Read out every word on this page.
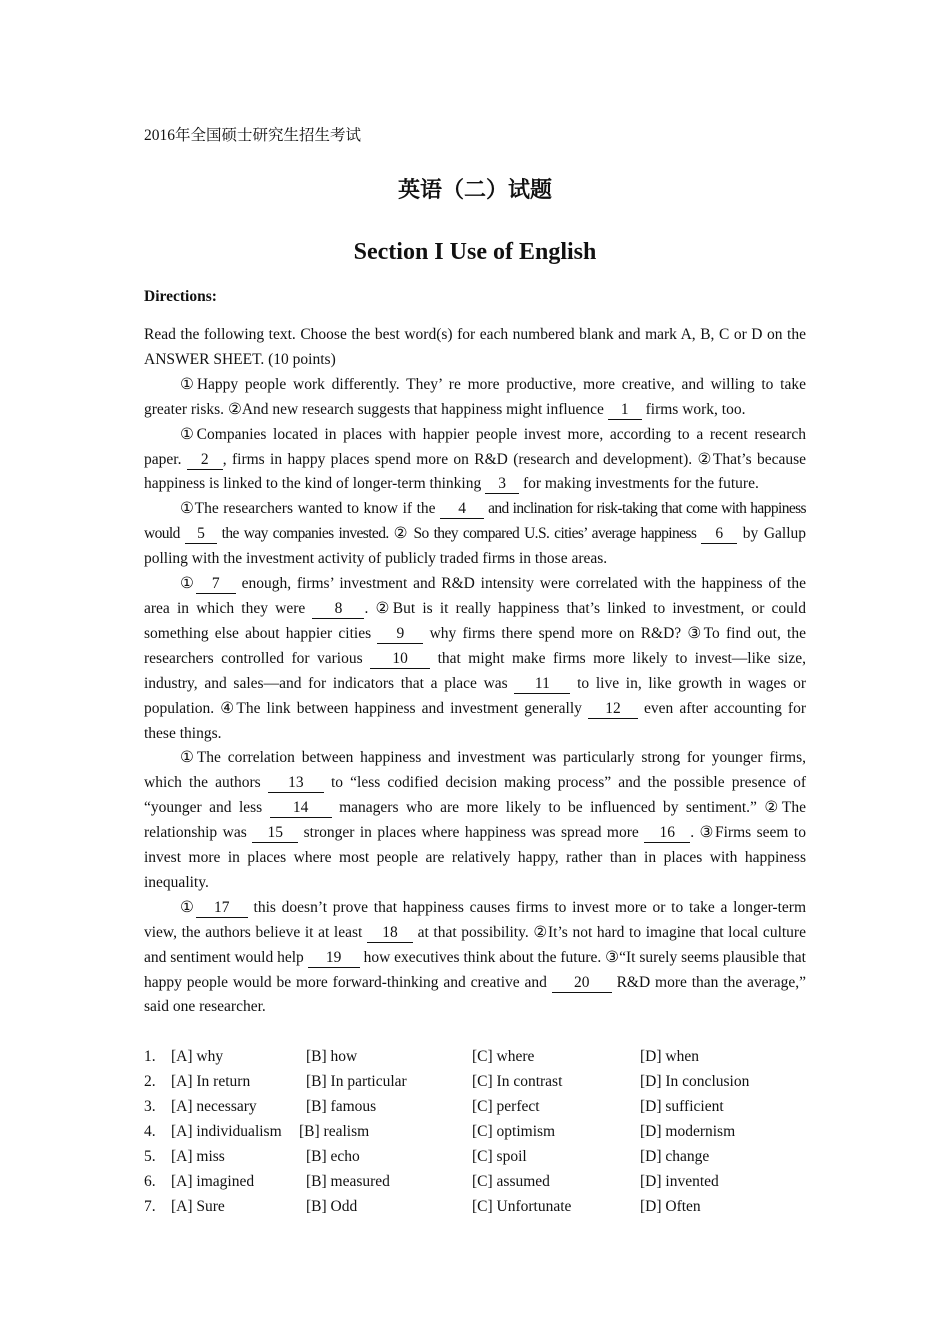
2016年全国硕士研究生招生考试

英语（二）试题
Section I Use of English

Directions:

Read the following text. Choose the best word(s) for each numbered blank and mark A, B, C or D on the ANSWER SHEET. (10 points)

①Happy people work differently. They’ re more productive, more creative, and willing to take greater risks. ②And new research suggests that happiness might influence 1 firms work, too.

①Companies located in places with happier people invest more, according to a recent research paper. 2 , firms in happy places spend more on R&D (research and development). ②That’s because happiness is linked to the kind of longer-term thinking 3 for making investments for the future.

①The researchers wanted to know if the 4 and inclination for risk-taking that come with happiness would 5 the way companies invested. ② So they compared U.S. cities’ average happiness 6 by Gallup polling with the investment activity of publicly traded firms in those areas.

① 7 enough, firms’ investment and R&D intensity were correlated with the happiness of the area in which they were 8 . ②But is it really happiness that’s linked to investment, or could something else about happier cities 9 why firms there spend more on R&D? ③To find out, the researchers controlled for various 10 that might make firms more likely to invest—like size, industry, and sales—and for indicators that a place was 11 to live in, like growth in wages or population. ④The link between happiness and investment generally 12 even after accounting for these things.

①The correlation between happiness and investment was particularly strong for younger firms, which the authors 13 to “less codified decision making process” and the possible presence of “younger and less 14 managers who are more likely to be influenced by sentiment.” ②The relationship was 15 stronger in places where happiness was spread more 16 . ③Firms seem to invest more in places where most people are relatively happy, rather than in places with happiness inequality.

① 17 this doesn’t prove that happiness causes firms to invest more or to take a longer-term view, the authors believe it at least 18 at that possibility. ②It’s not hard to imagine that local culture and sentiment would help 19 how executives think about the future. ③“It surely seems plausible that happy people would be more forward-thinking and creative and 20 R&D more than the average,” said one researcher.

1. [A] why	[B] how	[C] where	[D] when
2. [A] In return	[B] In particular	[C] In contrast	[D] In conclusion
3. [A] necessary	[B] famous	[C] perfect	[D] sufficient
4. [A] individualism [B] realism	[C] optimism	[D] modernism
5. [A] miss	[B] echo	[C] spoil	[D] change
6. [A] imagined	[B] measured	[C] assumed	[D] invented
7. [A] Sure	[B] Odd	[C] Unfortunate	[D] Often
